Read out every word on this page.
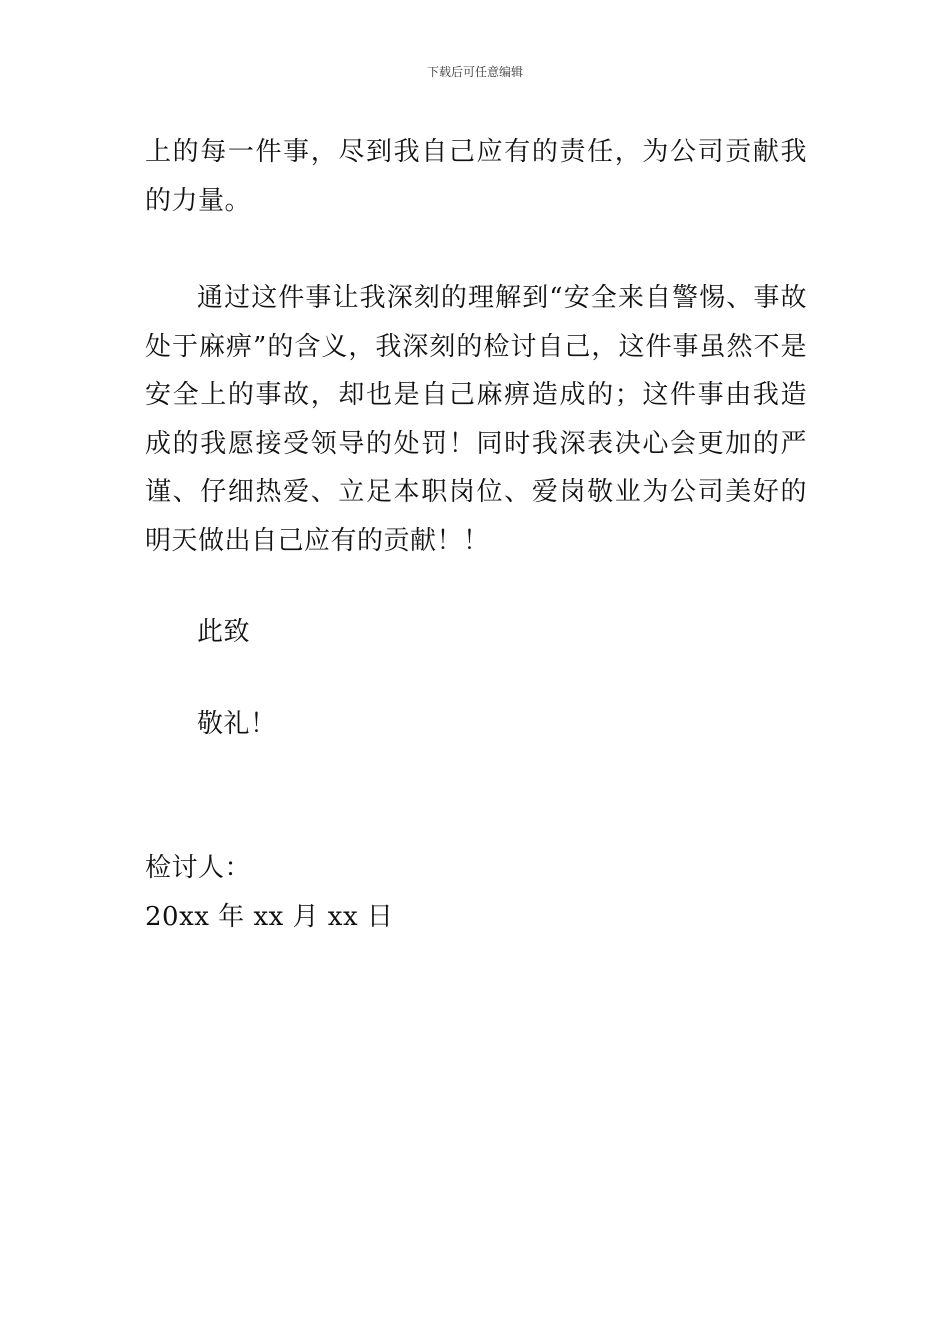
下载后可任意编辑

上的每一件事，尽到我自己应有的责任，为公司贡献我的力量。

通过这件事让我深刻的理解到“安全来自警惕、事故处于麻痹”的含义，我深刻的检讨自己，这件事虽然不是安全上的事故，却也是自己麻痹造成的；这件事由我造成的我愿接受领导的处罚！同时我深表决心会更加的严谨、仔细热爱、立足本职岗位、爱岗敬业为公司美好的明天做出自己应有的贡献！！

此致

敬礼！

检讨人：

20xx 年 xx 月 xx 日
